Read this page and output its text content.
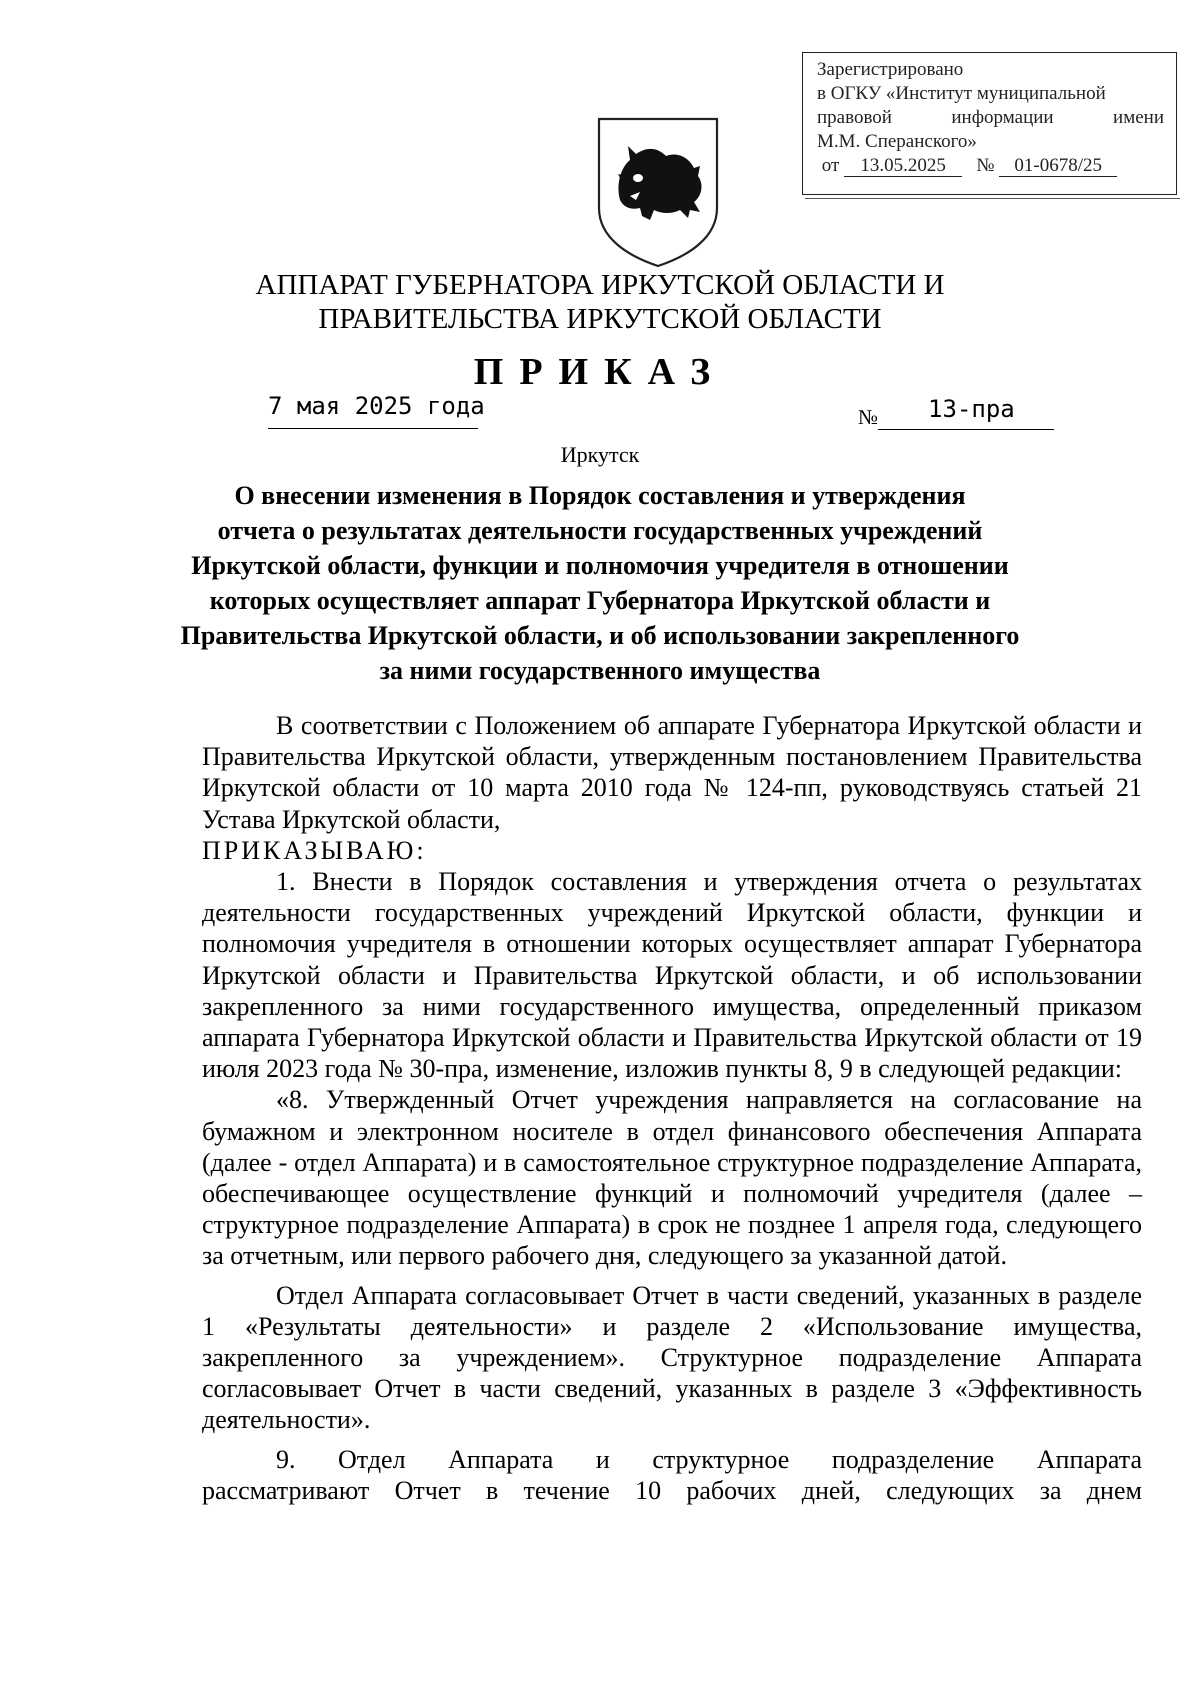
Зарегистрировано
в ОГКУ «Институт муниципальной
правовой	информации	имени
М.М. Сперанского»
от 13.05.2025 № 01-0678/25
АППАРАТ ГУБЕРНАТОРА ИРКУТСКОЙ ОБЛАСТИ И
ПРАВИТЕЛЬСТВА ИРКУТСКОЙ ОБЛАСТИ
ПРИКАЗ
7 мая 2025 года	№ 13-пра
Иркутск
О внесении изменения в Порядок составления и утверждения
отчета о результатах деятельности государственных учреждений
Иркутской области, функции и полномочия учредителя в отношении
которых осуществляет аппарат Губернатора Иркутской области и
Правительства Иркутской области, и об использовании закрепленного
за ними государственного имущества

В соответствии с Положением об аппарате Губернатора Иркутской области и Правительства Иркутской области, утвержденным постановлением Правительства Иркутской области от 10 марта 2010 года № 124-пп, руководствуясь статьей 21 Устава Иркутской области,

ПРИКАЗЫВАЮ:

1. Внести в Порядок составления и утверждения отчета о результатах деятельности государственных учреждений Иркутской области, функции и полномочия учредителя в отношении которых осуществляет аппарат Губернатора Иркутской области и Правительства Иркутской области, и об использовании закрепленного за ними государственного имущества, определенный приказом аппарата Губернатора Иркутской области и Правительства Иркутской области от 19 июля 2023 года № 30-пра, изменение, изложив пункты 8, 9 в следующей редакции:

«8. Утвержденный Отчет учреждения направляется на согласование на бумажном и электронном носителе в отдел финансового обеспечения Аппарата (далее - отдел Аппарата) и в самостоятельное структурное подразделение Аппарата, обеспечивающее осуществление функций и полномочий учредителя (далее – структурное подразделение Аппарата) в срок не позднее 1 апреля года, следующего за отчетным, или первого рабочего дня, следующего за указанной датой.

Отдел Аппарата согласовывает Отчет в части сведений, указанных в разделе 1 «Результаты деятельности» и разделе 2 «Использование имущества, закрепленного за учреждением». Структурное подразделение Аппарата согласовывает Отчет в части сведений, указанных в разделе 3 «Эффективность деятельности».

9. Отдел Аппарата и структурное подразделение Аппарата

рассматривают Отчет в течение 10 рабочих дней, следующих за днем
